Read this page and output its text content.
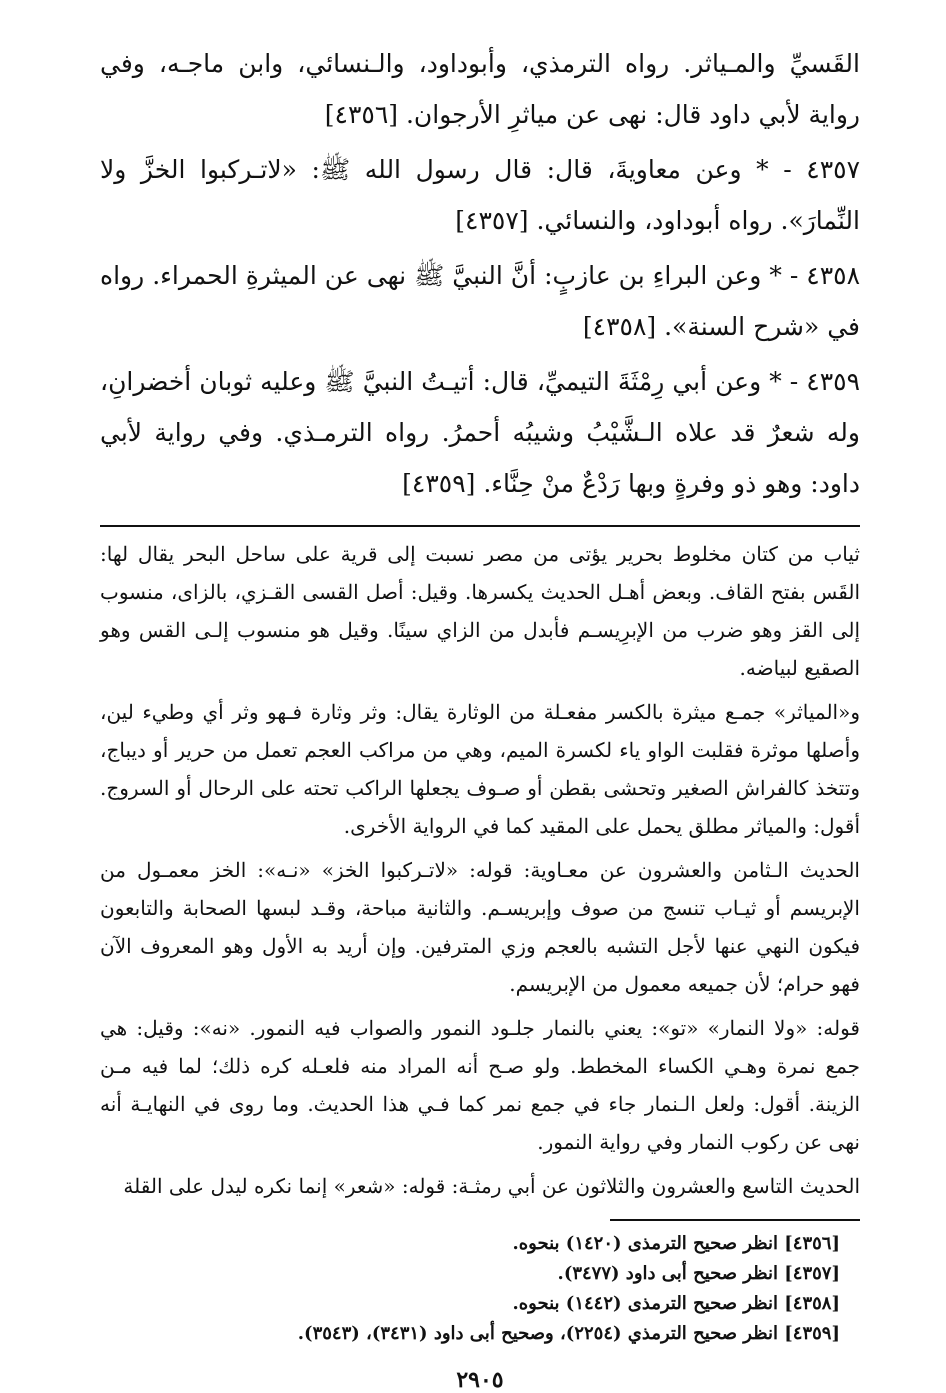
القَسيِّ والمـياثر. رواه الترمذي، وأبوداود، والـنسائي، وابن ماجـه، وفي رواية لأبي داود قال: نهى عن مياثرِ الأرجوان. [٤٣٥٦]

٤٣٥٧ - * وعن معاويةَ، قال: قال رسول الله ﷺ: «لاتـركبوا الخزَّ ولا النِّمارَ». رواه أبوداود، والنسائي. [٤٣٥٧]

٤٣٥٨ - * وعن البراءِ بن عازبٍ: أنَّ النبيَّ ﷺ نهى عن الميثرةِ الحمراء. رواه في «شرح السنة». [٤٣٥٨]

٤٣٥٩ - * وعن أبي رِمْثَةَ التيميِّ، قال: أتيـتُ النبيَّ ﷺ وعليه ثوبان أخضرانِ، وله شعرٌ قد علاه الـشَّيْبُ وشيبُه أحمرُ. رواه الترمـذي. وفي رواية لأبي داود: وهو ذو وفرةٍ وبها رَدْعٌ منْ حِنَّاء. [٤٣٥٩]

ثياب من كتان مخلوط بحرير يؤتى من مصر نسبت إلى قرية على ساحل البحر يقال لها: القَس بفتح القاف. وبعض أهـل الحديث يكسرها. وقيل: أصل القسى القـزي، بالزاى، منسوب إلى القز وهو ضرب من الإبرِيسـم فأبدل من الزاي سينًا. وقيل هو منسوب إلـى القس وهو الصقيع لبياضه.

و«المياثر» جمـع ميثرة بالكسر مفعـلة من الوثارة يقال: وثر وثارة فـهو وثر أي وطيء لين، وأصلها موثرة فقلبت الواو ياء لكسرة الميم، وهي من مراكب العجم تعمل من حرير أو ديباج، وتتخذ كالفراش الصغير وتحشى بقطن أو صـوف يجعلها الراكب تحته على الرحال أو السروج. أقول: والمياثر مطلق يحمل على المقيد كما في الرواية الأخرى.

الحديث الـثامن والعشرون عن معـاوية: قوله: «لاتـركبوا الخز» «نـه»: الخز معمـول من الإبريسم أو ثيـاب تنسج من صوف وإبريسـم. والثانية مباحة، وقـد لبسها الصحابة والتابعون فيكون النهي عنها لأجل التشبه بالعجم وزي المترفين. وإن أريد به الأول وهو المعروف الآن فهو حرام؛ لأن جميعه معمول من الإبريسم.

قوله: «ولا النمار» «تو»: يعني بالنمار جلـود النمور والصواب فيه النمور. «نه»: وقيل: هي جمع نمرة وهـي الكساء المخطط. ولو صـح أنه المراد منه فلعـله كره ذلك؛ لما فيه مـن الزينة. أقول: ولعل الـنمار جاء في جمع نمر كما فـي هذا الحديث. وما روى في النهايـة أنه نهى عن ركوب النمار وفي رواية النمور.

الحديث التاسع والعشرون والثلاثون عن أبي رمثـة: قوله: «شعر» إنما نكره ليدل على القلة

[٤٣٥٦] انظر صحيح الترمذى (١٤٢٠) بنحوه.

[٤٣٥٧] انظر صحيح أبى داود (٣٤٧٧).

[٤٣٥٨] انظر صحيح الترمذى (١٤٤٢) بنحوه.

[٤٣٥٩] انظر صحيح الترمذي (٢٢٥٤)، وصحيح أبى داود (٣٤٣١)، (٣٥٤٣).

٢٩٠٥
